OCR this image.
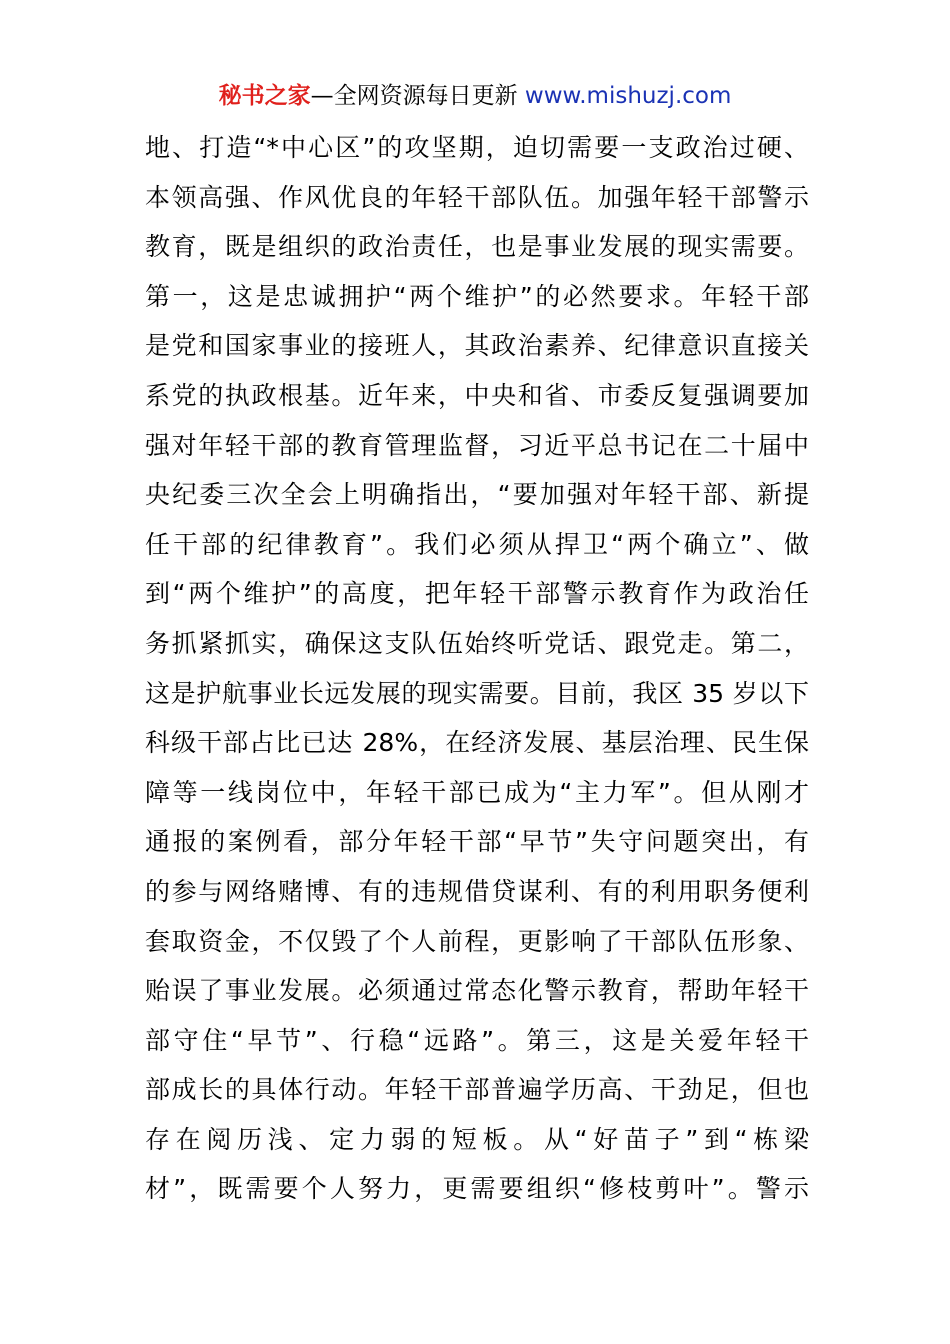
秘书之家—全网资源每日更新 www.mishuzj.com
地、打造“*中心区”的攻坚期，迫切需要一支政治过硬、
本领高强、作风优良的年轻干部队伍。加强年轻干部警示
教育，既是组织的政治责任，也是事业发展的现实需要。
第一，这是忠诚拥护“两个维护”的必然要求。年轻干部
是党和国家事业的接班人，其政治素养、纪律意识直接关
系党的执政根基。近年来，中央和省、市委反复强调要加
强对年轻干部的教育管理监督，习近平总书记在二十届中
央纪委三次全会上明确指出，“要加强对年轻干部、新提
任干部的纪律教育”。我们必须从捍卫“两个确立”、做
到“两个维护”的高度，把年轻干部警示教育作为政治任
务抓紧抓实，确保这支队伍始终听党话、跟党走。第二，
这是护航事业长远发展的现实需要。目前，我区 35 岁以下
科级干部占比已达 28%，在经济发展、基层治理、民生保
障等一线岗位中，年轻干部已成为“主力军”。但从刚才
通报的案例看，部分年轻干部“早节”失守问题突出，有
的参与网络赌博、有的违规借贷谋利、有的利用职务便利
套取资金，不仅毁了个人前程，更影响了干部队伍形象、
贻误了事业发展。必须通过常态化警示教育，帮助年轻干
部守住“早节”、行稳“远路”。第三，这是关爱年轻干
部成长的具体行动。年轻干部普遍学历高、干劲足，但也
存在阅历浅、定力弱的短板。从“好苗子”到“栋梁
材”，既需要个人努力，更需要组织“修枝剪叶”。警示
